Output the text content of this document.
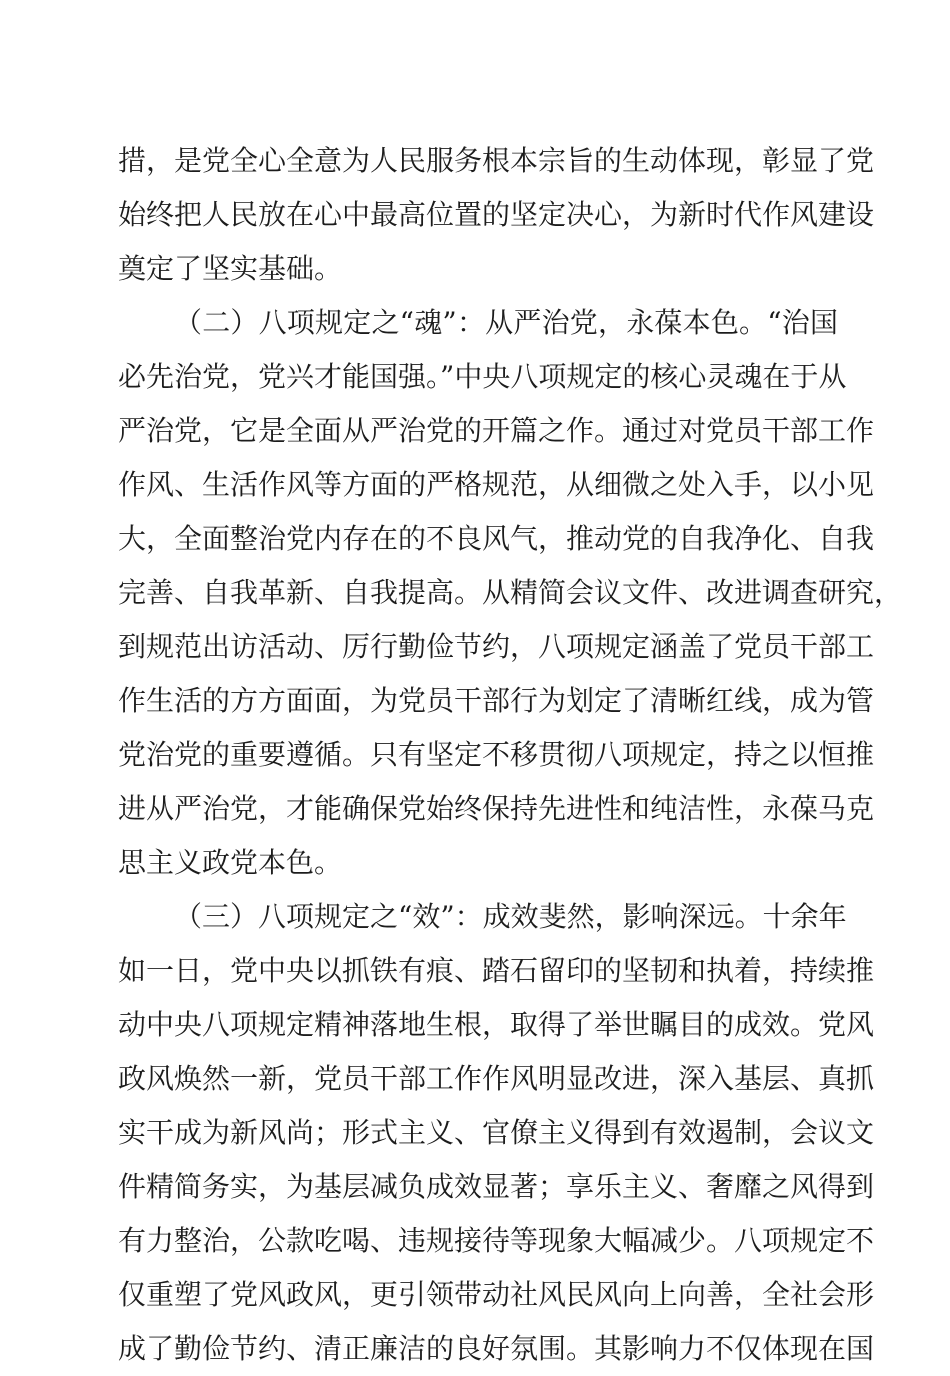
措，是党全心全意为人民服务根本宗旨的生动体现，彰显了党
始终把人民放在心中最高位置的坚定决心，为新时代作风建设
奠定了坚实基础。
（二）八项规定之“魂”：从严治党，永葆本色。“治国
必先治党，党兴才能国强。”中央八项规定的核心灵魂在于从
严治党，它是全面从严治党的开篇之作。通过对党员干部工作
作风、生活作风等方面的严格规范，从细微之处入手，以小见
大，全面整治党内存在的不良风气，推动党的自我净化、自我
完善、自我革新、自我提高。从精简会议文件、改进调查研究，
到规范出访活动、厉行勤俭节约，八项规定涵盖了党员干部工
作生活的方方面面，为党员干部行为划定了清晰红线，成为管
党治党的重要遵循。只有坚定不移贯彻八项规定，持之以恒推
进从严治党，才能确保党始终保持先进性和纯洁性，永葆马克
思主义政党本色。
（三）八项规定之“效”：成效斐然，影响深远。十余年
如一日，党中央以抓铁有痕、踏石留印的坚韧和执着，持续推
动中央八项规定精神落地生根，取得了举世瞩目的成效。党风
政风焕然一新，党员干部工作作风明显改进，深入基层、真抓
实干成为新风尚；形式主义、官僚主义得到有效遏制，会议文
件精简务实，为基层减负成效显著；享乐主义、奢靡之风得到
有力整治，公款吃喝、违规接待等现象大幅减少。八项规定不
仅重塑了党风政风，更引领带动社风民风向上向善，全社会形
成了勤俭节约、清正廉洁的良好氛围。其影响力不仅体现在国
